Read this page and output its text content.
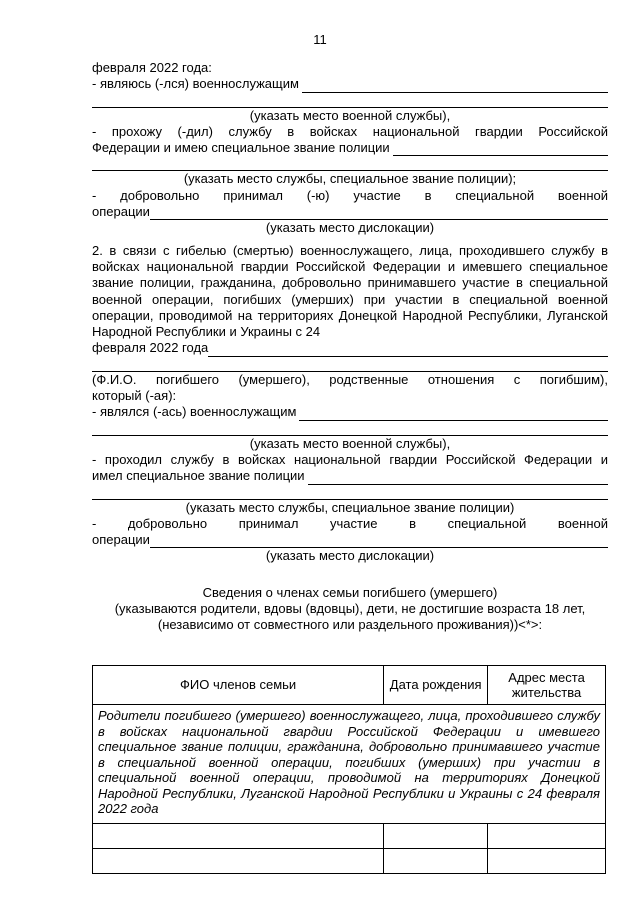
11
февраля 2022 года:
- являюсь (-лся) военнослужащим
(указать место военной службы),
- прохожу (-дил) службу в войсках национальной гвардии Российской
Федерации и имею специальное звание полиции
(указать место службы, специальное звание полиции);
- добровольно принимал (-ю) участие в специальной военной
операции
(указать место дислокации)
2. в связи с гибелью (смертью) военнослужащего, лица, проходившего службу в войсках национальной гвардии Российской Федерации и имевшего специальное звание полиции, гражданина, добровольно принимавшего участие в специальной военной операции, погибших (умерших) при участии в специальной военной операции, проводимой на территориях Донецкой Народной Республики, Луганской Народной Республики и Украины с 24
февраля 2022 года
(Ф.И.О. погибшего (умершего), родственные отношения с погибшим),
который (-ая):
- являлся (-ась) военнослужащим
(указать место военной службы),
- проходил службу в войсках национальной гвардии Российской Федерации и
имел специальное звание полиции
(указать место службы, специальное звание полиции)
- добровольно принимал участие в специальной военной
операции
(указать место дислокации)
Сведения о членах семьи погибшего (умершего)
(указываются родители, вдовы (вдовцы), дети, не достигшие возраста 18 лет,
(независимо от совместного или раздельного проживания))<*>:
ФИО членов семьи	Дата рождения	Адрес места жительства
Родители погибшего (умершего) военнослужащего, лица, проходившего службу в войсках национальной гвардии Российской Федерации и имевшего специальное звание полиции, гражданина, добровольно принимавшего участие в специальной военной операции, погибших (умерших) при участии в специальной военной операции, проводимой на территориях Донецкой Народной Республики, Луганской Народной Республики и Украины с 24 февраля 2022 года		
